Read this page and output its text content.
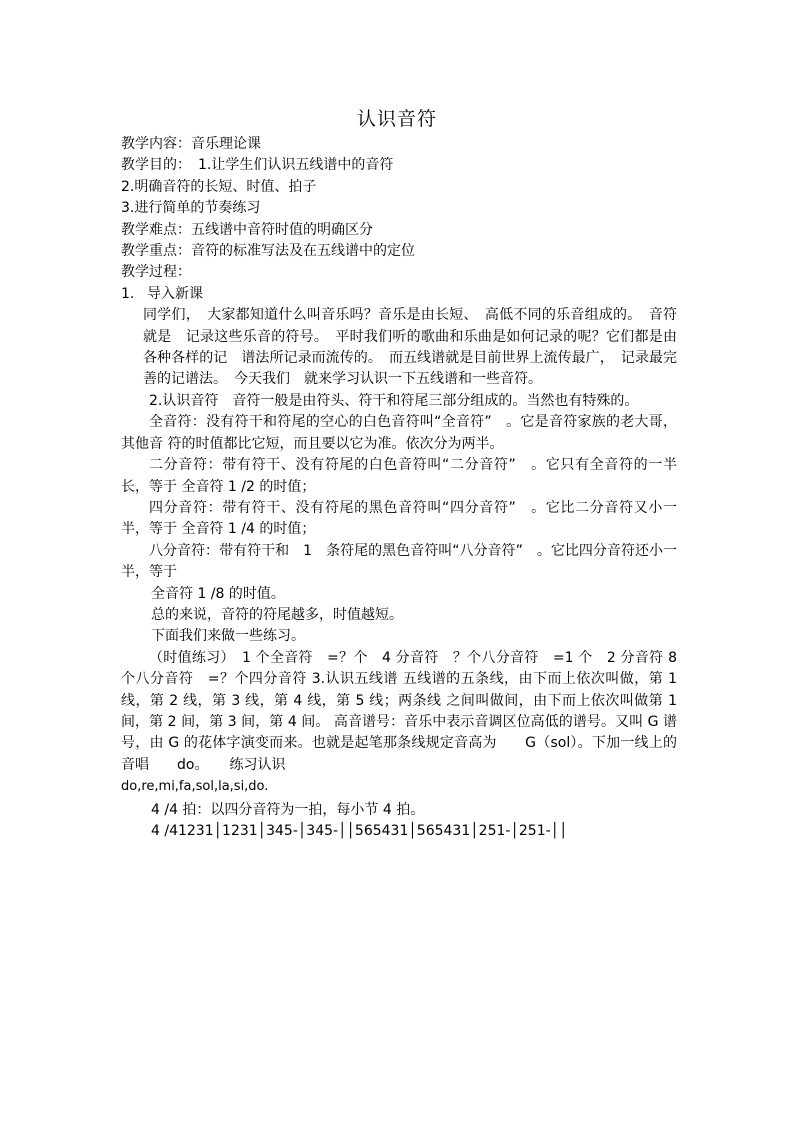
认识音符

教学内容：音乐理论课

教学目的：　1.让学生们认识五线谱中的音符

2.明确音符的长短、时值、拍子

3.进行简单的节奏练习

教学难点：五线谱中音符时值的明确区分

教学重点：音符的标准写法及在五线谱中的定位

教学过程：

1. 导入新课

同学们，　大家都知道什么叫音乐吗？音乐是由长短、　高低不同的乐音组成的。　音符就是　记录这些乐音的符号。　平时我们听的歌曲和乐曲是如何记录的呢？它们都是由各种各样的记　谱法所记录而流传的。　而五线谱就是目前世界上流传最广，　记录最完善的记谱法。　今天我们　就来学习认识一下五线谱和一些音符。

2.认识音符　音符一般是由符头、符干和符尾三部分组成的。当然也有特殊的。

全音符：没有符干和符尾的空心的白色音符叫“全音符”　。它是音符家族的老大哥，其他音 符的时值都比它短，而且要以它为准。依次分为两半。

二分音符：带有符干、没有符尾的白色音符叫“二分音符”　。它只有全音符的一半长，等于 全音符 1 /2 的时值；

四分音符：带有符干、没有符尾的黑色音符叫“四分音符”　。它比二分音符又小一半，等于 全音符 1 /4 的时值；

八分音符：带有符干和　1　条符尾的黑色音符叫“八分音符”　。它比四分音符还小一半，等于

全音符 1 /8 的时值。

总的来说，音符的符尾越多，时值越短。

下面我们来做一些练习。

（时值练习）　1 个全音符　=？个　4 分音符　？个八分音符　=1 个　2 分音符 8 个八分音符　=？个四分音符 3.认识五线谱 五线谱的五条线，由下而上依次叫做，第 1 线，第 2 线，第 3 线，第 4 线，第 5 线；两条线 之间叫做间，由下而上依次叫做第 1 间，第 2 间，第 3 间，第 4 间。 高音谱号：音乐中表示音调区位高低的谱号。又叫 G 谱号，由 G 的花体字演变而来。也就是起笔那条线规定音高为　　G（sol）。下加一线上的音唱　　do。　　练习认识

do,re,mi,fa,sol,la,si,do.

4 /4 拍：以四分音符为一拍，每小节 4 拍。

4 /41231│1231│345-│345-││565431│565431│251-│251-││
